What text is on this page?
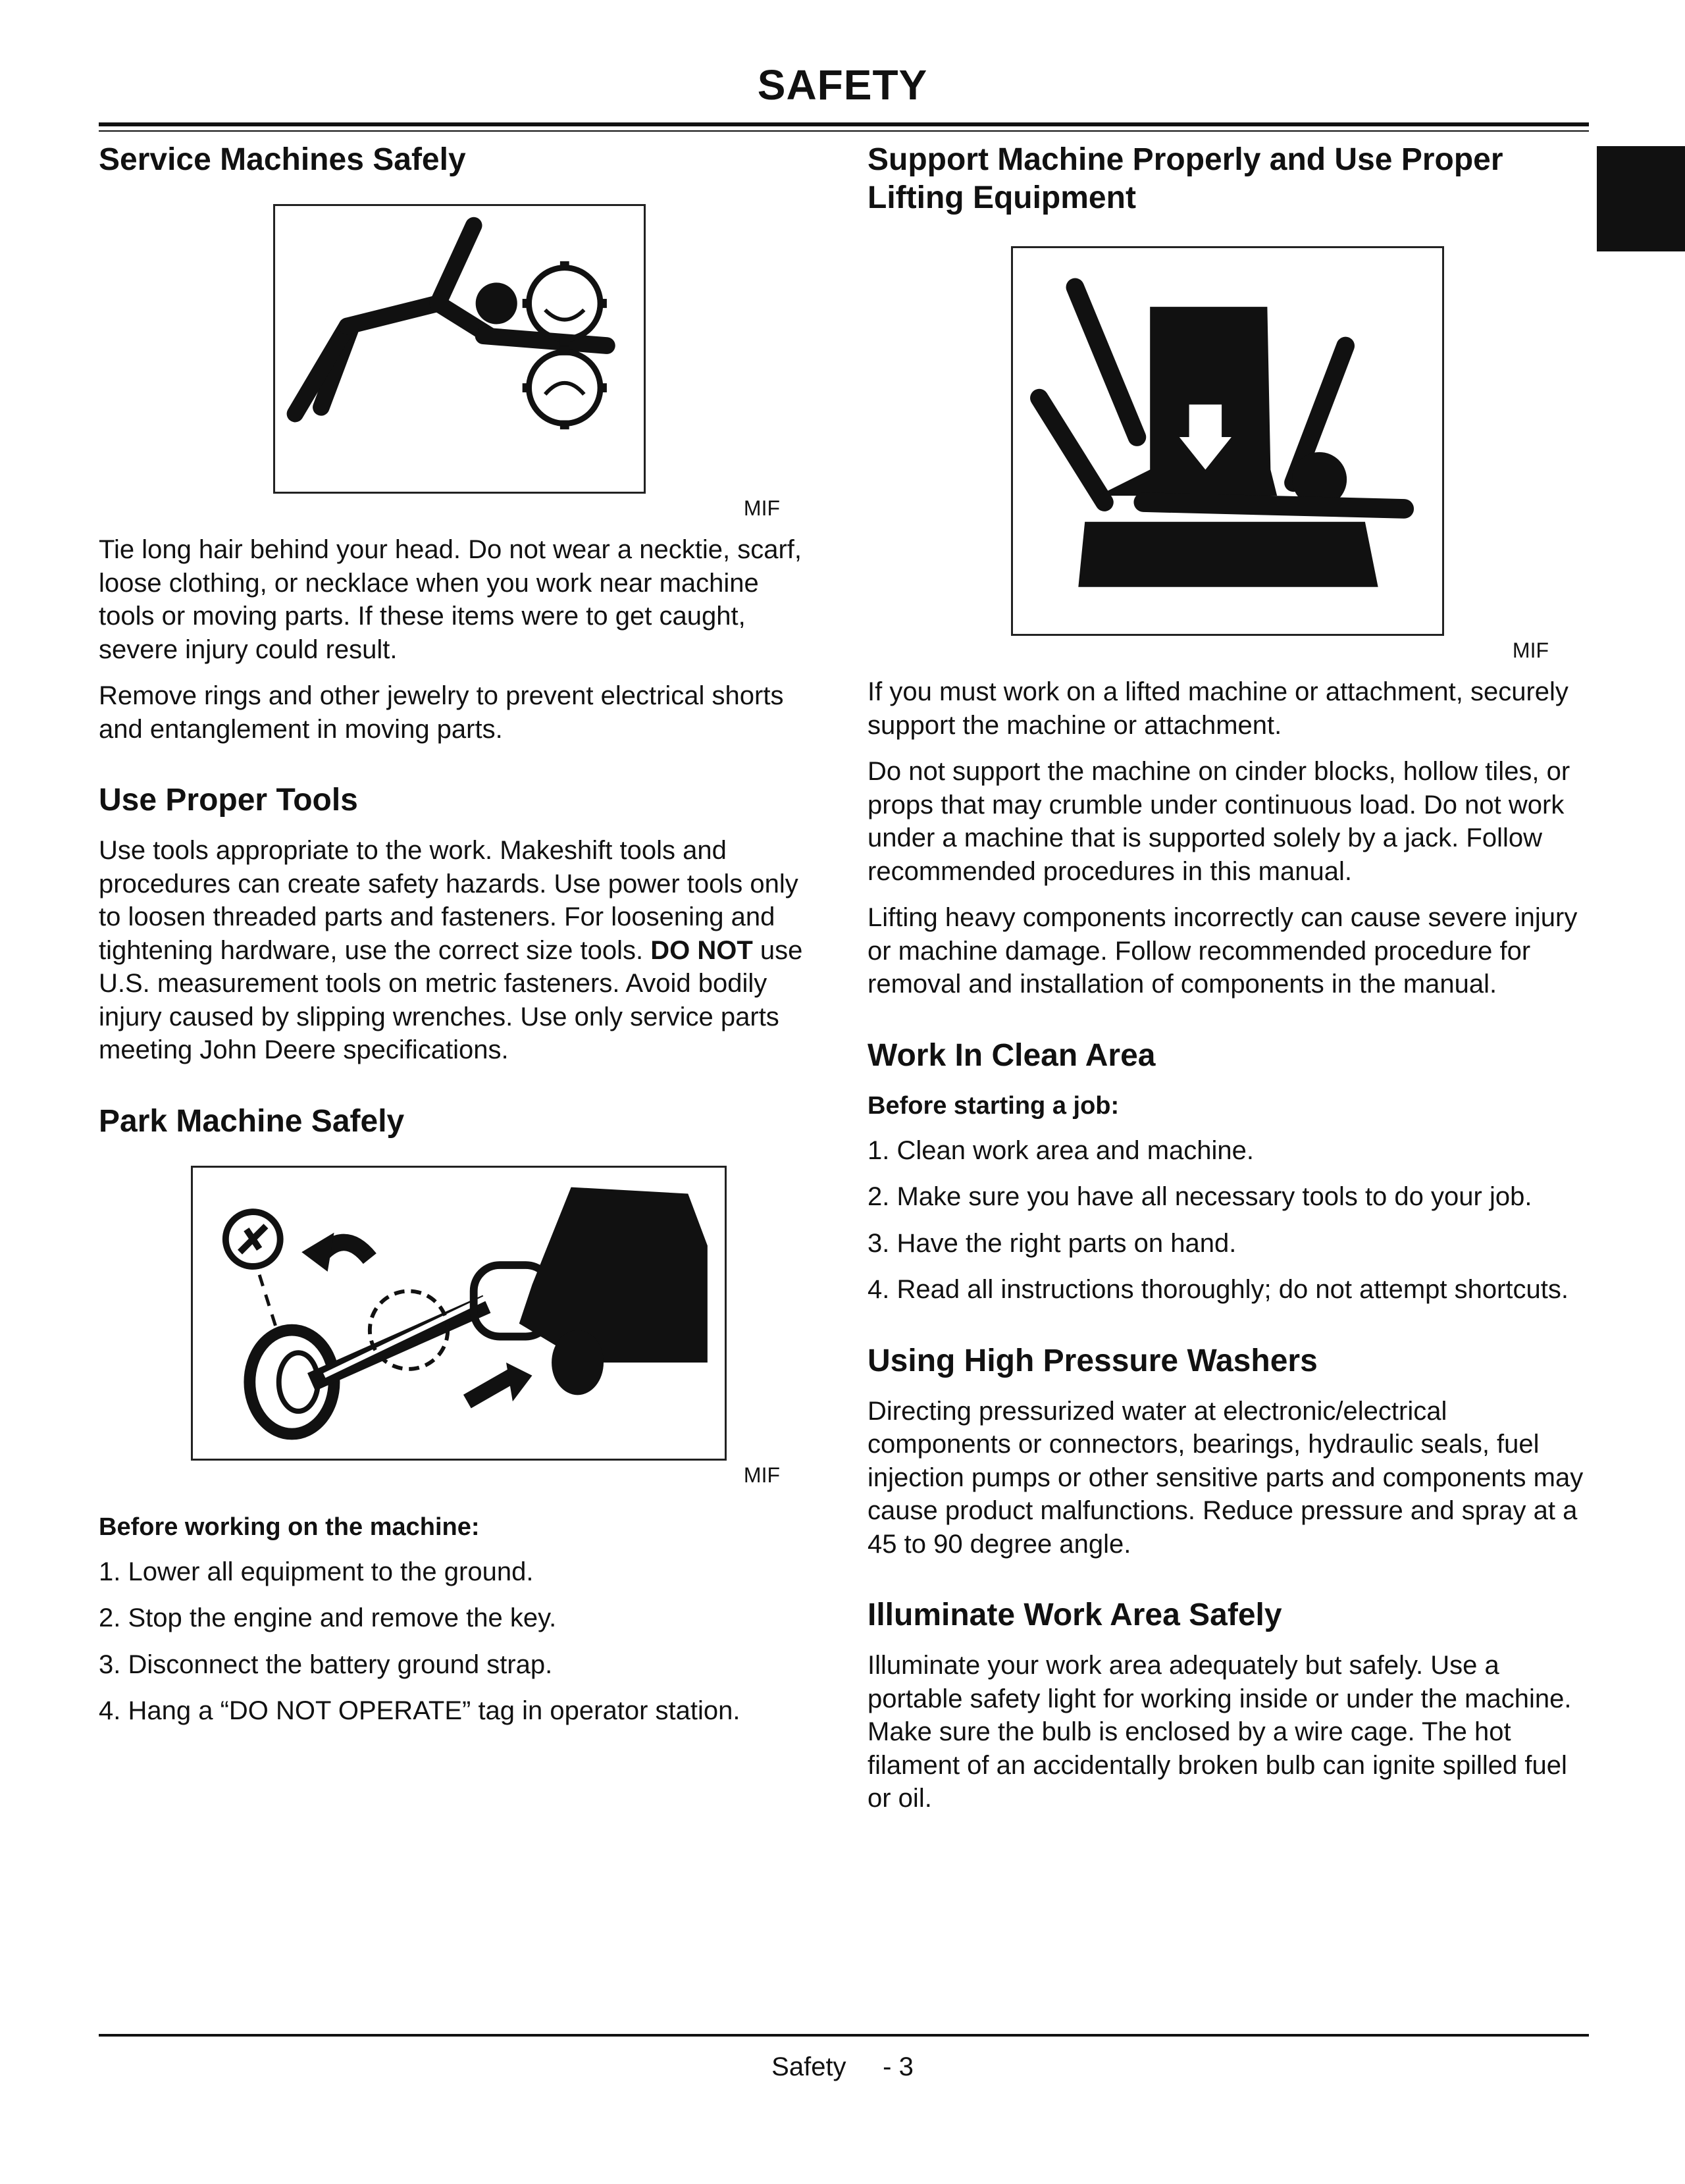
SAFETY
Service Machines Safely
MIF

Tie long hair behind your head. Do not wear a necktie, scarf, loose clothing, or necklace when you work near machine tools or moving parts. If these items were to get caught, severe injury could result.

Remove rings and other jewelry to prevent electrical shorts and entanglement in moving parts.

Use Proper Tools

Use tools appropriate to the work. Makeshift tools and procedures can create safety hazards. Use power tools only to loosen threaded parts and fasteners. For loosening and tightening hardware, use the correct size tools. DO NOT use U.S. measurement tools on metric fasteners. Avoid bodily injury caused by slipping wrenches. Use only service parts meeting John Deere specifications.

Park Machine Safely
MIF

Before working on the machine:

1. Lower all equipment to the ground.
2. Stop the engine and remove the key.
3. Disconnect the battery ground strap.
4. Hang a “DO NOT OPERATE” tag in operator station.
Support Machine Properly and Use Proper Lifting Equipment
MIF

If you must work on a lifted machine or attachment, securely support the machine or attachment.

Do not support the machine on cinder blocks, hollow tiles, or props that may crumble under continuous load. Do not work under a machine that is supported solely by a jack. Follow recommended procedures in this manual.

Lifting heavy components incorrectly can cause severe injury or machine damage. Follow recommended procedure for removal and installation of components in the manual.

Work In Clean Area

Before starting a job:

1. Clean work area and machine.
2. Make sure you have all necessary tools to do your job.
3. Have the right parts on hand.
4. Read all instructions thoroughly; do not attempt shortcuts.
Using High Pressure Washers

Directing pressurized water at electronic/electrical components or connectors, bearings, hydraulic seals, fuel injection pumps or other sensitive parts and components may cause product malfunctions. Reduce pressure and spray at a 45 to 90 degree angle.

Illuminate Work Area Safely

Illuminate your work area adequately but safely. Use a portable safety light for working inside or under the machine. Make sure the bulb is enclosed by a wire cage. The hot filament of an accidentally broken bulb can ignite spilled fuel or oil.

Safety - 3
